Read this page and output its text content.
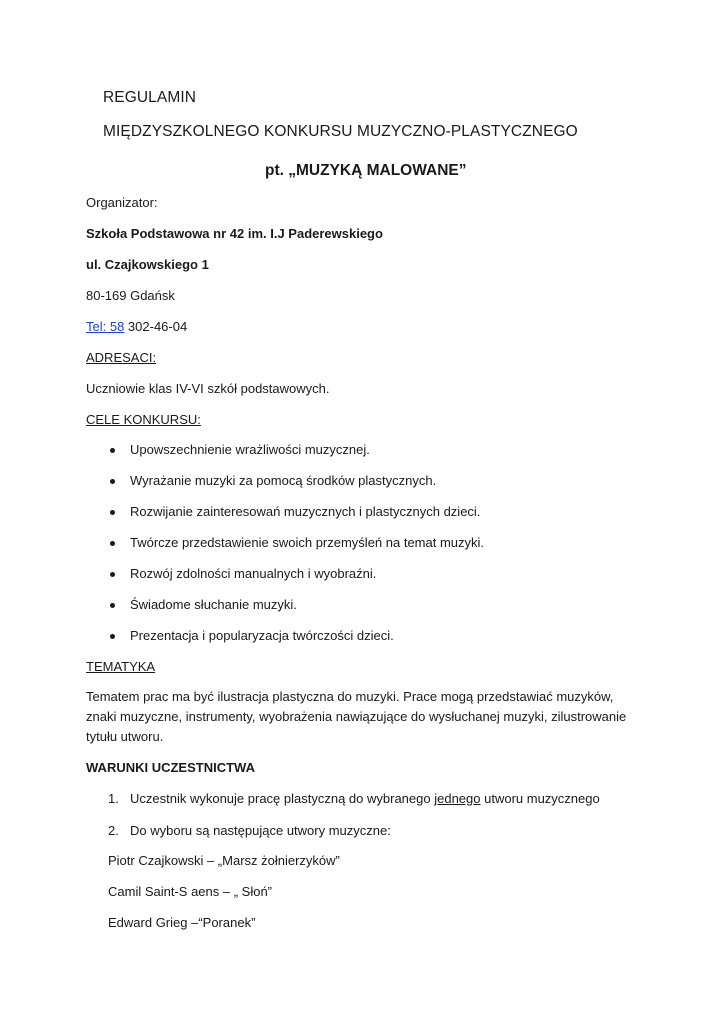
REGULAMIN

MIĘDZYSZKOLNEGO KONKURSU MUZYCZNO-PLASTYCZNEGO

pt. „MUZYKĄ MALOWANE”

Organizator:

Szkoła Podstawowa nr 42 im. I.J Paderewskiego

ul. Czajkowskiego 1

80-169 Gdańsk

Tel: 58 302-46-04

ADRESACI:

Uczniowie klas IV-VI szkół podstawowych.

CELE KONKURSU:

Upowszechnienie wrażliwości muzycznej.

Wyrażanie muzyki za pomocą środków plastycznych.

Rozwijanie zainteresowań muzycznych i plastycznych dzieci.

Twórcze przedstawienie swoich przemyśleń na temat muzyki.

Rozwój zdolności manualnych i wyobraźni.

Świadome słuchanie muzyki.

Prezentacja i popularyzacja twórczości dzieci.

TEMATYKA

Tematem prac ma być ilustracja plastyczna do muzyki. Prace mogą przedstawiać muzyków, znaki muzyczne, instrumenty, wyobrażenia nawiązujące do wysłuchanej muzyki, zilustrowanie tytułu utworu.

WARUNKI UCZESTNICTWA

1. Uczestnik wykonuje pracę plastyczną do wybranego jednego utworu muzycznego

2. Do wyboru są następujące utwory muzyczne:

Piotr Czajkowski – „Marsz żołnierzyków”

Camil Saint-S aens – „ Słoń”

Edward Grieg –“Poranek”
